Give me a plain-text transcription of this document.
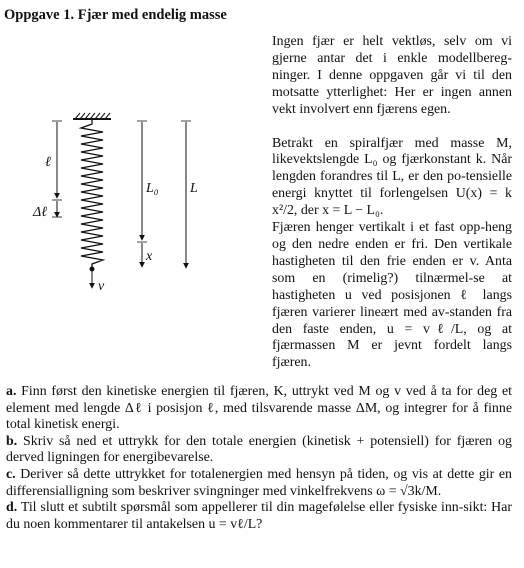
Oppgave 1. Fjær med endelig masse
v⃗
ℓ
Δℓ
L₀
x
L

Ingen fjær er helt vektløs, selv om vi gjerne antar det i enkle modellbereg-ninger. I denne oppgaven går vi til den motsatte ytterlighet: Her er ingen annen vekt involvert enn fjærens egen.

Betrakt en spiralfjær med masse M, likevektslengde L₀ og fjærkonstant k. Når lengden forandres til L, er den po-tensielle energi knyttet til forlengelsen U(x) = k x²/2, der x = L − L₀.

Fjæren henger vertikalt i et fast opp-heng og den nedre enden er fri. Den vertikale hastigheten til den frie enden er v. Anta som en (rimelig?) tilnærmel-se at hastigheten u ved posisjonen ℓ langs fjæren varierer lineært med av-standen fra den faste enden, u = vℓ/L, og at fjærmassen M er jevnt fordelt langs fjæren.

a. Finn først den kinetiske energien til fjæren, K, uttrykt ved M og v ved å ta for deg et element med lengde Δℓ i posisjon ℓ, med tilsvarende masse ΔM, og integrer for å finne total kinetisk energi.

b. Skriv så ned et uttrykk for den totale energien (kinetisk + potensiell) for fjæren og derved ligningen for energibevarelse.

c. Deriver så dette uttrykket for totalenergien med hensyn på tiden, og vis at dette gir en differensialligning som beskriver svingninger med vinkelfrekvens ω = √3k/M.

d. Til slutt et subtilt spørsmål som appellerer til din magefølelse eller fysiske inn-sikt: Har du noen kommentarer til antakelsen u = vℓ/L?
